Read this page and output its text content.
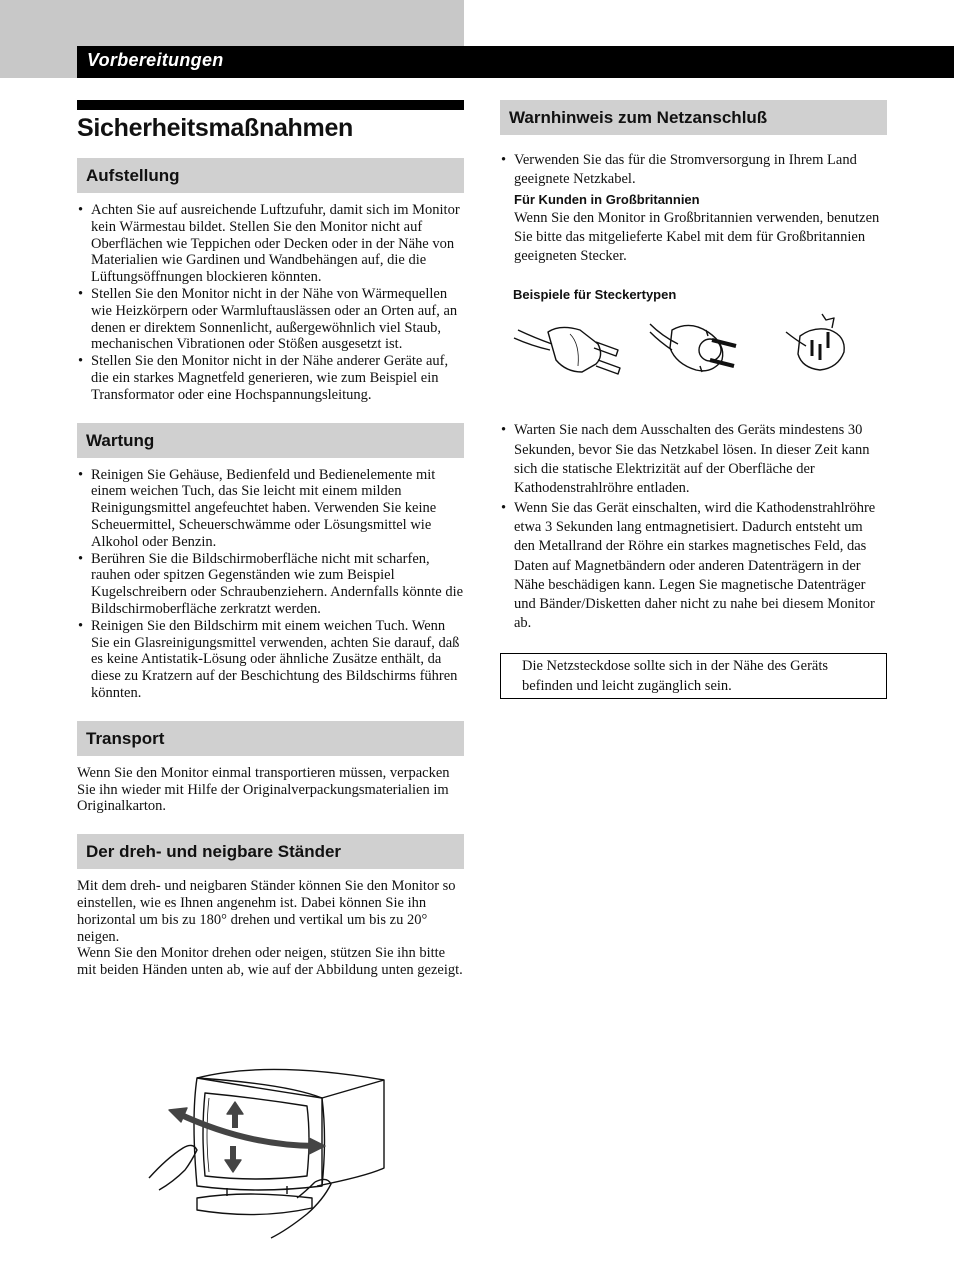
Vorbereitungen
Sicherheitsmaßnahmen
Aufstellung
• Achten Sie auf ausreichende Luftzufuhr, damit sich im Monitor kein Wärmestau bildet. Stellen Sie den Monitor nicht auf Oberflächen wie Teppichen oder Decken oder in der Nähe von Materialien wie Gardinen und Wandbehängen auf, die die Lüftungsöffnungen blockieren könnten.
• Stellen Sie den Monitor nicht in der Nähe von Wärmequellen wie Heizkörpern oder Warmluftauslässen oder an Orten auf, an denen er direktem Sonnenlicht, außergewöhnlich viel Staub, mechanischen Vibrationen oder Stößen ausgesetzt ist.
• Stellen Sie den Monitor nicht in der Nähe anderer Geräte auf, die ein starkes Magnetfeld generieren, wie zum Beispiel ein Transformator oder eine Hochspannungsleitung.
Wartung
• Reinigen Sie Gehäuse, Bedienfeld und Bedienelemente mit einem weichen Tuch, das Sie leicht mit einem milden Reinigungsmittel angefeuchtet haben. Verwenden Sie keine Scheuermittel, Scheuerschwämme oder Lösungsmittel wie Alkohol oder Benzin.
• Berühren Sie die Bildschirmoberfläche nicht mit scharfen, rauhen oder spitzen Gegenständen wie zum Beispiel Kugelschreibern oder Schraubenziehern. Andernfalls könnte die Bildschirmoberfläche zerkratzt werden.
• Reinigen Sie den Bildschirm mit einem weichen Tuch. Wenn Sie ein Glasreinigungsmittel verwenden, achten Sie darauf, daß es keine Antistatik-Lösung oder ähnliche Zusätze enthält, da diese zu Kratzern auf der Beschichtung des Bildschirms führen könnten.
Transport

Wenn Sie den Monitor einmal transportieren müssen, verpacken Sie ihn wieder mit Hilfe der Originalverpackungsmaterialien im Originalkarton.

Der dreh- und neigbare Ständer

Mit dem dreh- und neigbaren Ständer können Sie den Monitor so einstellen, wie es Ihnen angenehm ist. Dabei können Sie ihn horizontal um bis zu 180° drehen und vertikal um bis zu 20° neigen.

Wenn Sie den Monitor drehen oder neigen, stützen Sie ihn bitte mit beiden Händen unten ab, wie auf der Abbildung unten gezeigt.

Warnhinweis zum Netzanschluß
• Verwenden Sie das für die Stromversorgung in Ihrem Land geeignete Netzkabel.
Für Kunden in Großbritannien
Wenn Sie den Monitor in Großbritannien verwenden, benutzen Sie bitte das mitgelieferte Kabel mit dem für Großbritannien geeigneten Stecker.
Beispiele für Steckertypen
• Warten Sie nach dem Ausschalten des Geräts mindestens 30 Sekunden, bevor Sie das Netzkabel lösen. In dieser Zeit kann sich die statische Elektrizität auf der Oberfläche der Kathodenstrahlröhre entladen.
• Wenn Sie das Gerät einschalten, wird die Kathodenstrahlröhre etwa 3 Sekunden lang entmagnetisiert. Dadurch entsteht um den Metallrand der Röhre ein starkes magnetisches Feld, das Daten auf Magnetbändern oder anderen Datenträgern in der Nähe beschädigen kann. Legen Sie magnetische Datenträger und Bänder/Disketten daher nicht zu nahe bei diesem Monitor ab.
Die Netzsteckdose sollte sich in der Nähe des Geräts befinden und leicht zugänglich sein.
